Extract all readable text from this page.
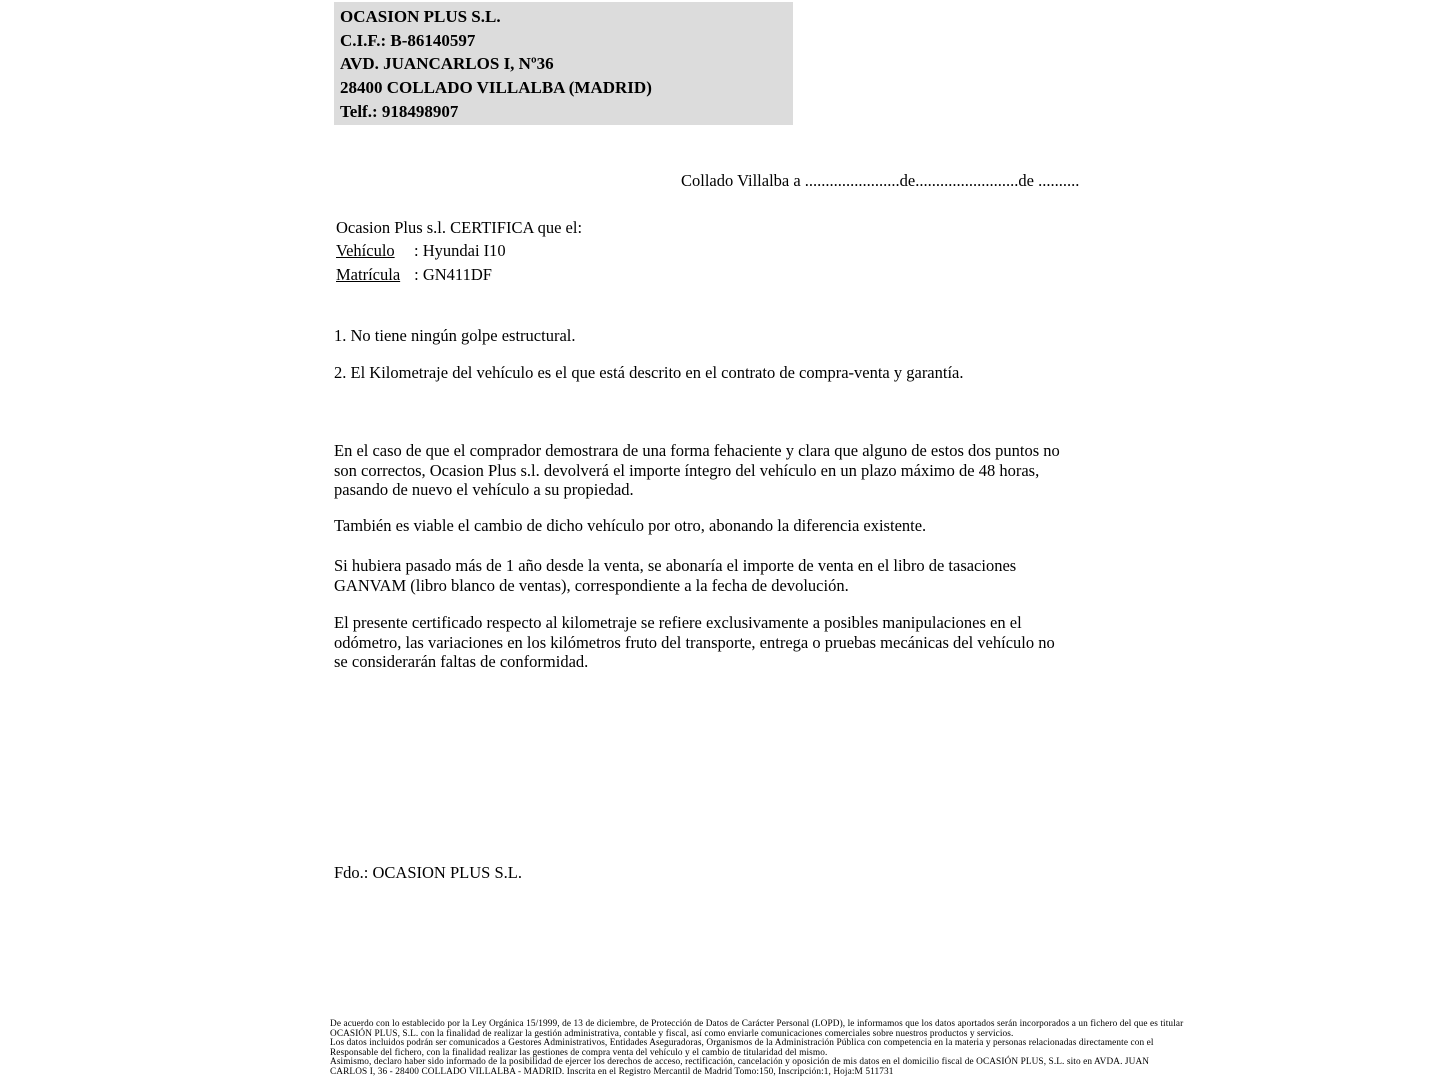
OCASION PLUS S.L.
C.I.F.: B-86140597
AVD. JUANCARLOS I, Nº36
28400 COLLADO VILLALBA (MADRID)
Telf.: 918498907
Collado Villalba a .......................de.........................de ..........
Ocasion Plus s.l. CERTIFICA que el:
Vehículo : Hyundai I10
Matrícula : GN411DF
1. No tiene ningún golpe estructural.
2. El Kilometraje del vehículo es el que está descrito en el contrato de compra-venta y garantía.
En el caso de que el comprador demostrara de una forma fehaciente y clara que alguno de estos dos puntos no
son correctos, Ocasion Plus s.l. devolverá el importe íntegro del vehículo en un plazo máximo de 48 horas,
pasando de nuevo el vehículo a su propiedad.
También es viable el cambio de dicho vehículo por otro, abonando la diferencia existente.
Si hubiera pasado más de 1 año desde la venta, se abonaría el importe de venta en el libro de tasaciones
GANVAM (libro blanco de ventas), correspondiente a la fecha de devolución.
El presente certificado respecto al kilometraje se refiere exclusivamente a posibles manipulaciones en el
odómetro, las variaciones en los kilómetros fruto del transporte, entrega o pruebas mecánicas del vehículo no
se considerarán faltas de conformidad.
Fdo.: OCASION PLUS S.L.
De acuerdo con lo establecido por la Ley Orgánica 15/1999, de 13 de diciembre, de Protección de Datos de Carácter Personal (LOPD), le informamos que los datos aportados serán incorporados a un fichero del que es titular
OCASIÓN PLUS, S.L. con la finalidad de realizar la gestión administrativa, contable y fiscal, así como enviarle comunicaciones comerciales sobre nuestros productos y servicios.
Los datos incluidos podrán ser comunicados a Gestores Administrativos, Entidades Aseguradoras, Organismos de la Administración Pública con competencia en la materia y personas relacionadas directamente con el
Responsable del fichero, con la finalidad realizar las gestiones de compra venta del vehículo y el cambio de titularidad del mismo.
Asimismo, declaro haber sido informado de la posibilidad de ejercer los derechos de acceso, rectificación, cancelación y oposición de mis datos en el domicilio fiscal de OCASIÓN PLUS, S.L. sito en AVDA. JUAN
CARLOS I, 36 - 28400 COLLADO VILLALBA - MADRID. Inscrita en el Registro Mercantil de Madrid Tomo:150, Inscripción:1, Hoja:M 511731
